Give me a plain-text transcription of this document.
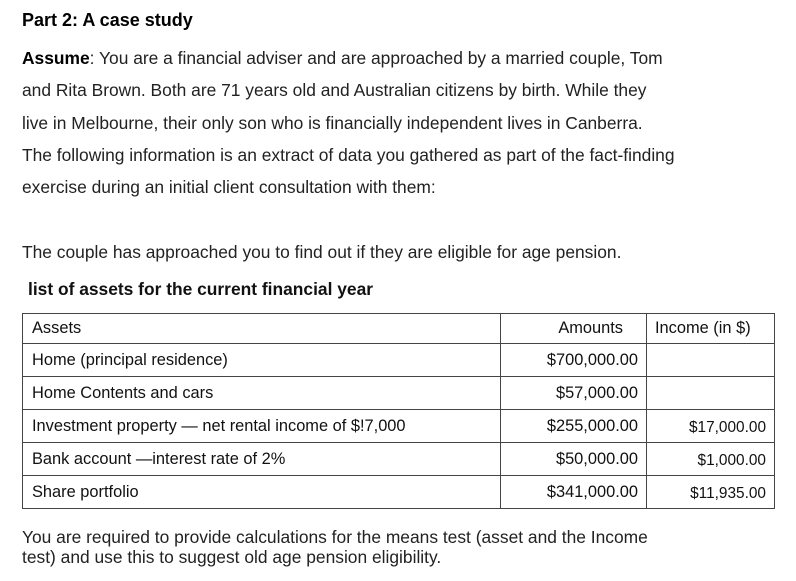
Part 2: A case study
Assume: You are a financial adviser and are approached by a married couple, Tom
and Rita Brown. Both are 71 years old and Australian citizens by birth. While they
live in Melbourne, their only son who is financially independent lives in Canberra.
The following information is an extract of data you gathered as part of the fact-finding
exercise during an initial client consultation with them:
The couple has approached you to find out if they are eligible for age pension.
list of assets for the current financial year
Assets	Amounts	Income (in $)
Home (principal residence)	$700,000.00	
Home Contents and cars	$57,000.00	
Investment property — net rental income of $!7,000	$255,000.00	$17,000.00
Bank account —interest rate of 2%	$50,000.00	$1,000.00
Share portfolio	$341,000.00	$11,935.00
You are required to provide calculations for the means test (asset and the Income
test) and use this to suggest old age pension eligibility.
